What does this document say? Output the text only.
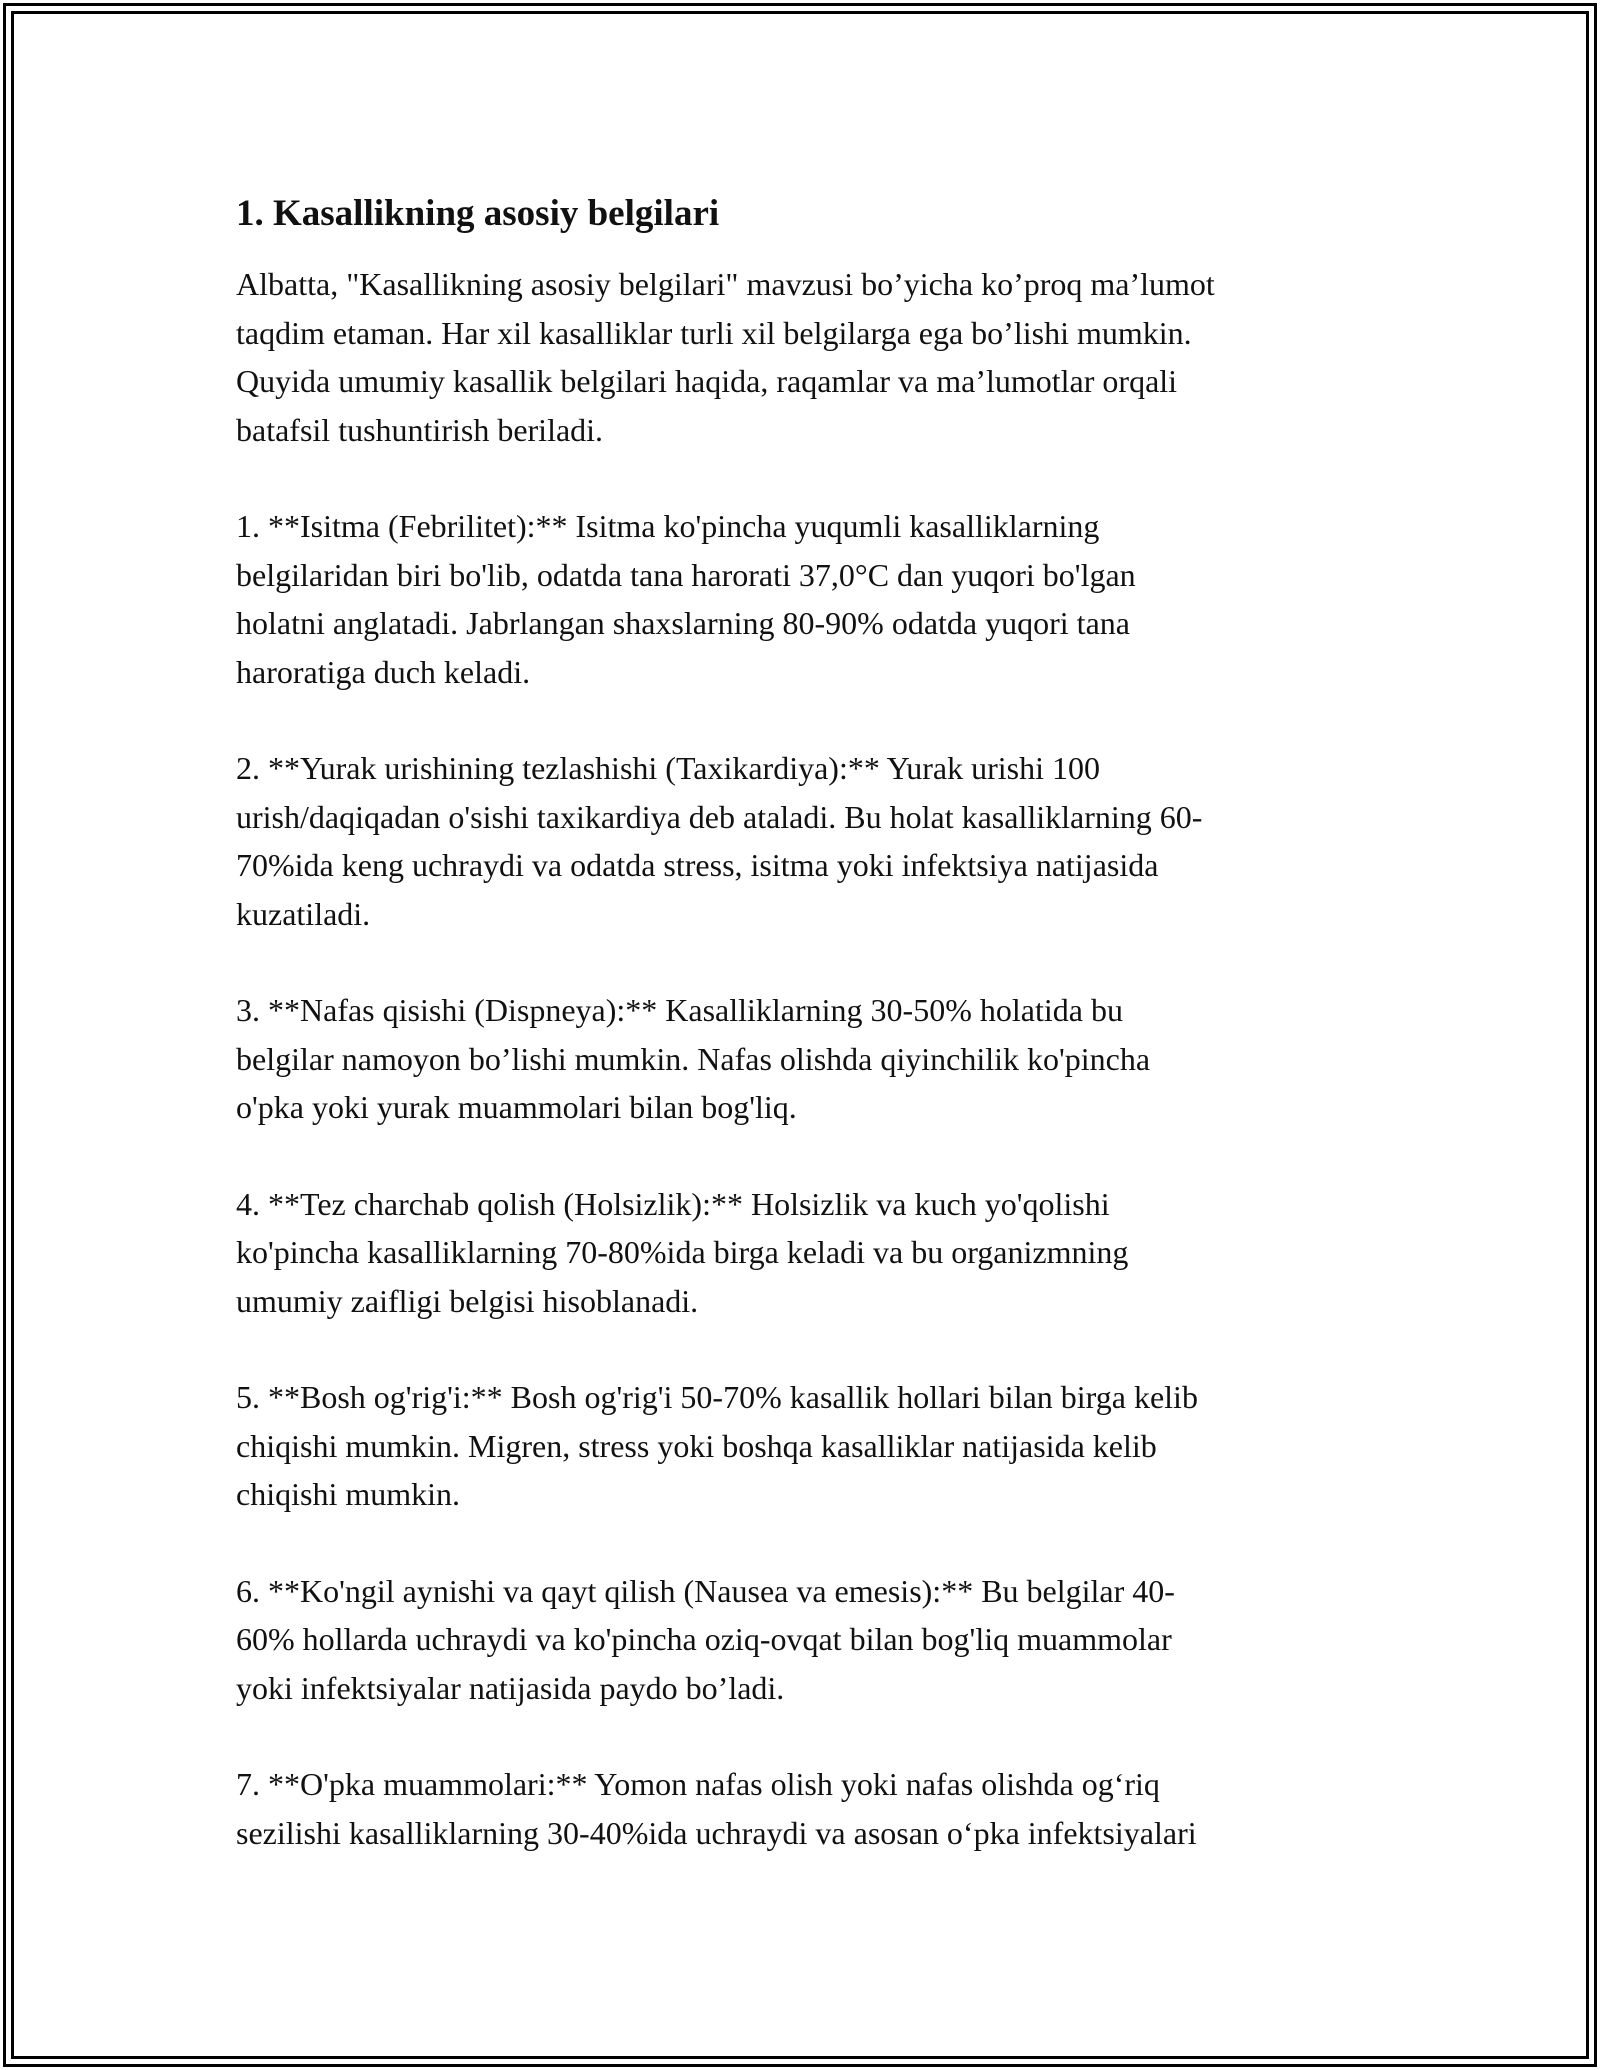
1. Kasallikning asosiy belgilari

Albatta, "Kasallikning asosiy belgilari" mavzusi bo’yicha ko’proq ma’lumot
taqdim etaman. Har xil kasalliklar turli xil belgilarga ega bo’lishi mumkin.
Quyida umumiy kasallik belgilari haqida, raqamlar va ma’lumotlar orqali
batafsil tushuntirish beriladi.

1. **Isitma (Febrilitet):** Isitma ko'pincha yuqumli kasalliklarning
belgilaridan biri bo'lib, odatda tana harorati 37,0°C dan yuqori bo'lgan
holatni anglatadi. Jabrlangan shaxslarning 80-90% odatda yuqori tana
haroratiga duch keladi.

2. **Yurak urishining tezlashishi (Taxikardiya):** Yurak urishi 100
urish/daqiqadan o'sishi taxikardiya deb ataladi. Bu holat kasalliklarning 60-
70%ida keng uchraydi va odatda stress, isitma yoki infektsiya natijasida
kuzatiladi.

3. **Nafas qisishi (Dispneya):** Kasalliklarning 30-50% holatida bu
belgilar namoyon bo’lishi mumkin. Nafas olishda qiyinchilik ko'pincha
o'pka yoki yurak muammolari bilan bog'liq.

4. **Tez charchab qolish (Holsizlik):** Holsizlik va kuch yo'qolishi
ko'pincha kasalliklarning 70-80%ida birga keladi va bu organizmning
umumiy zaifligi belgisi hisoblanadi.

5. **Bosh og'rig'i:** Bosh og'rig'i 50-70% kasallik hollari bilan birga kelib
chiqishi mumkin. Migren, stress yoki boshqa kasalliklar natijasida kelib
chiqishi mumkin.

6. **Ko'ngil aynishi va qayt qilish (Nausea va emesis):** Bu belgilar 40-
60% hollarda uchraydi va ko'pincha oziq-ovqat bilan bog'liq muammolar
yoki infektsiyalar natijasida paydo bo’ladi.

7. **O'pka muammolari:** Yomon nafas olish yoki nafas olishda og‘riq
sezilishi kasalliklarning 30-40%ida uchraydi va asosan o‘pka infektsiyalari
